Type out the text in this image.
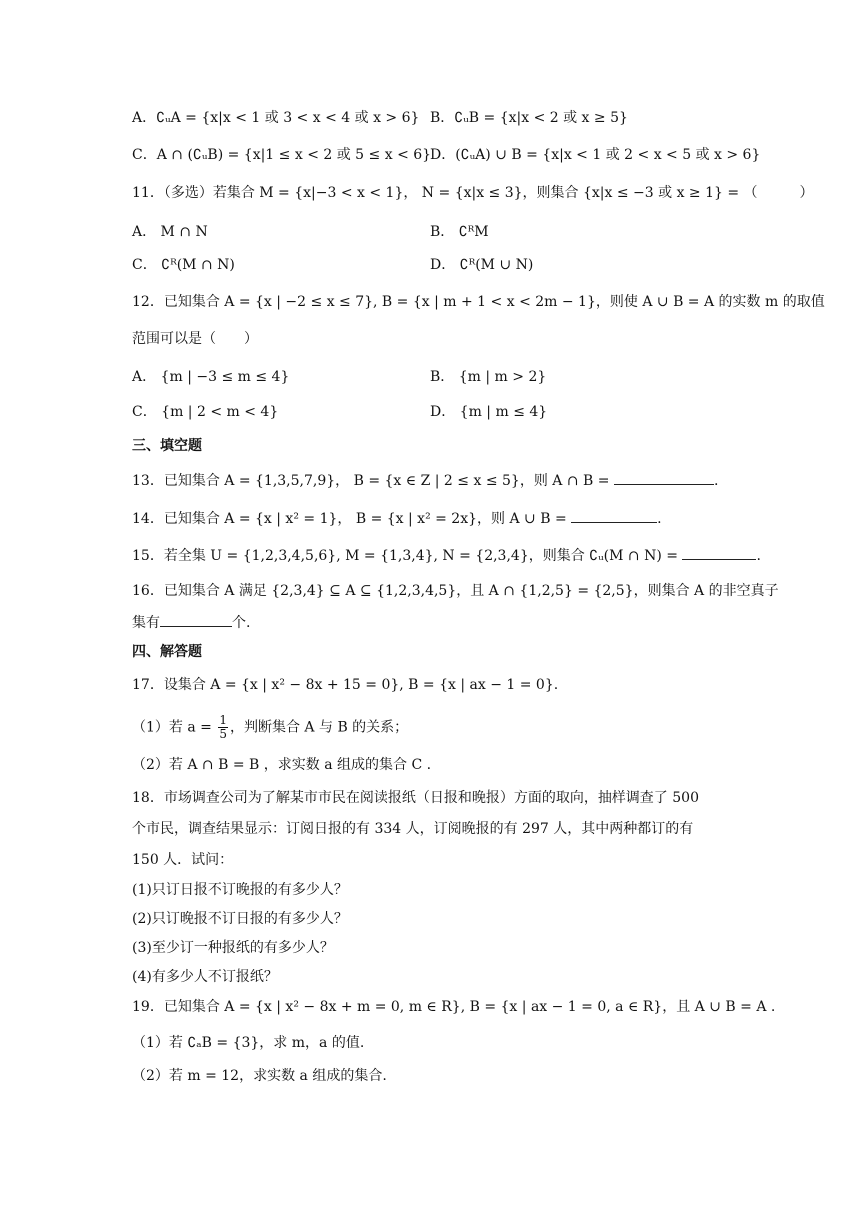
A．∁ᵤA = {x|x < 1 或 3 < x < 4 或 x > 6} B．∁ᵤB = {x|x < 2 或 x ≥ 5}
C．A ∩ (∁ᵤB) = {x|1 ≤ x < 2 或 5 ≤ x < 6}
D．(∁ᵤA) ∪ B = {x|x < 1 或 2 < x < 5 或 x > 6}
11．（多选）若集合 M = {x|−3 < x < 1}， N = {x|x ≤ 3}，则集合 {x|x ≤ −3 或 x ≥ 1} = （　　　）
A． M ∩ N	B． ∁ᴿM
C． ∁ᴿ(M ∩ N)	D． ∁ᴿ(M ∪ N)
12．已知集合 A = {x | −2 ≤ x ≤ 7}, B = {x | m + 1 < x < 2m − 1}，则使 A ∪ B = A 的实数 m 的取值
范围可以是（　　）
A． {m | −3 ≤ m ≤ 4}	B． {m | m > 2}
C． {m | 2 < m < 4}	D． {m | m ≤ 4}
三、填空题
13．已知集合 A = {1,3,5,7,9}， B = {x ∈ Z | 2 ≤ x ≤ 5}，则 A ∩ B =	.
14．已知集合 A = {x | x² = 1}， B = {x | x² = 2x}，则 A ∪ B =	.
15．若全集 U = {1,2,3,4,5,6}, M = {1,3,4}, N = {2,3,4}，则集合 ∁ᵤ(M ∩ N) =	.
16．已知集合 A 满足 {2,3,4} ⊆ A ⊆ {1,2,3,4,5}，且 A ∩ {1,2,5} = {2,5}，则集合 A 的非空真子
集有	个.
四、解答题
17．设集合 A = {x | x² − 8x + 15 = 0}, B = {x | ax − 1 = 0}.
（1）若 $a = \frac{1}{5}$ ，判断集合 A 与 B 的关系；
（2）若 A ∩ B = B ，求实数 a 组成的集合 C .
18．市场调查公司为了解某市市民在阅读报纸（日报和晚报）方面的取向，抽样调查了 500
个市民，调查结果显示：订阅日报的有 334 人，订阅晚报的有 297 人，其中两种都订的有
150 人．试问：
(1)只订日报不订晚报的有多少人？
(2)只订晚报不订日报的有多少人？
(3)至少订一种报纸的有多少人？
(4)有多少人不订报纸？
19．已知集合 A = {x | x² − 8x + m = 0, m ∈ R}, B = {x | ax − 1 = 0, a ∈ R}，且 A ∪ B = A .
（1）若 ∁ₐB = {3}，求 m，a 的值.
（2）若 m = 12，求实数 a 组成的集合.
